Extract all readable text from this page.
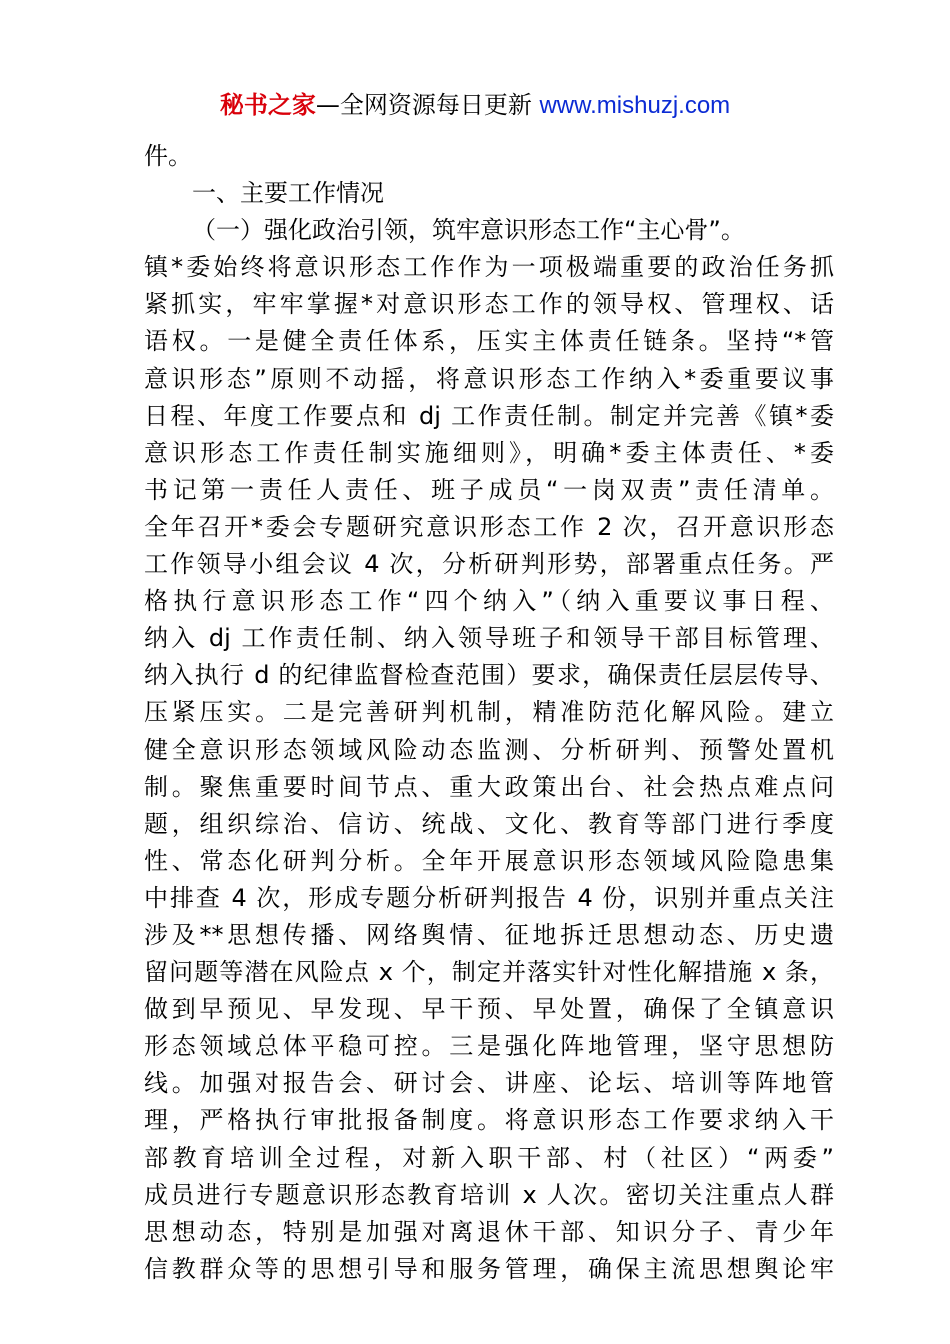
秘书之家—全网资源每日更新 www.mishuzj.com
件。
一、主要工作情况
（一）强化政治引领，筑牢意识形态工作“主心骨”。
镇*委始终将意识形态工作作为一项极端重要的政治任务抓
紧抓实，牢牢掌握*对意识形态工作的领导权、管理权、话
语权。一是健全责任体系，压实主体责任链条。坚持“*管
意识形态”原则不动摇，将意识形态工作纳入*委重要议事
日程、年度工作要点和 dj 工作责任制。制定并完善《镇*委
意识形态工作责任制实施细则》，明确*委主体责任、*委
书记第一责任人责任、班子成员“一岗双责”责任清单。
全年召开*委会专题研究意识形态工作 2 次，召开意识形态
工作领导小组会议 4 次，分析研判形势，部署重点任务。严
格执行意识形态工作“四个纳入”（纳入重要议事日程、
纳入 dj 工作责任制、纳入领导班子和领导干部目标管理、
纳入执行 d 的纪律监督检查范围）要求，确保责任层层传导、
压紧压实。二是完善研判机制，精准防范化解风险。建立
健全意识形态领域风险动态监测、分析研判、预警处置机
制。聚焦重要时间节点、重大政策出台、社会热点难点问
题，组织综治、信访、统战、文化、教育等部门进行季度
性、常态化研判分析。全年开展意识形态领域风险隐患集
中排查 4 次，形成专题分析研判报告 4 份，识别并重点关注
涉及**思想传播、网络舆情、征地拆迁思想动态、历史遗
留问题等潜在风险点 x 个，制定并落实针对性化解措施 x 条，
做到早预见、早发现、早干预、早处置，确保了全镇意识
形态领域总体平稳可控。三是强化阵地管理，坚守思想防
线。加强对报告会、研讨会、讲座、论坛、培训等阵地管
理，严格执行审批报备制度。将意识形态工作要求纳入干
部教育培训全过程，对新入职干部、村（社区）“两委”
成员进行专题意识形态教育培训 x 人次。密切关注重点人群
思想动态，特别是加强对离退休干部、知识分子、青少年
信教群众等的思想引导和服务管理，确保主流思想舆论牢
